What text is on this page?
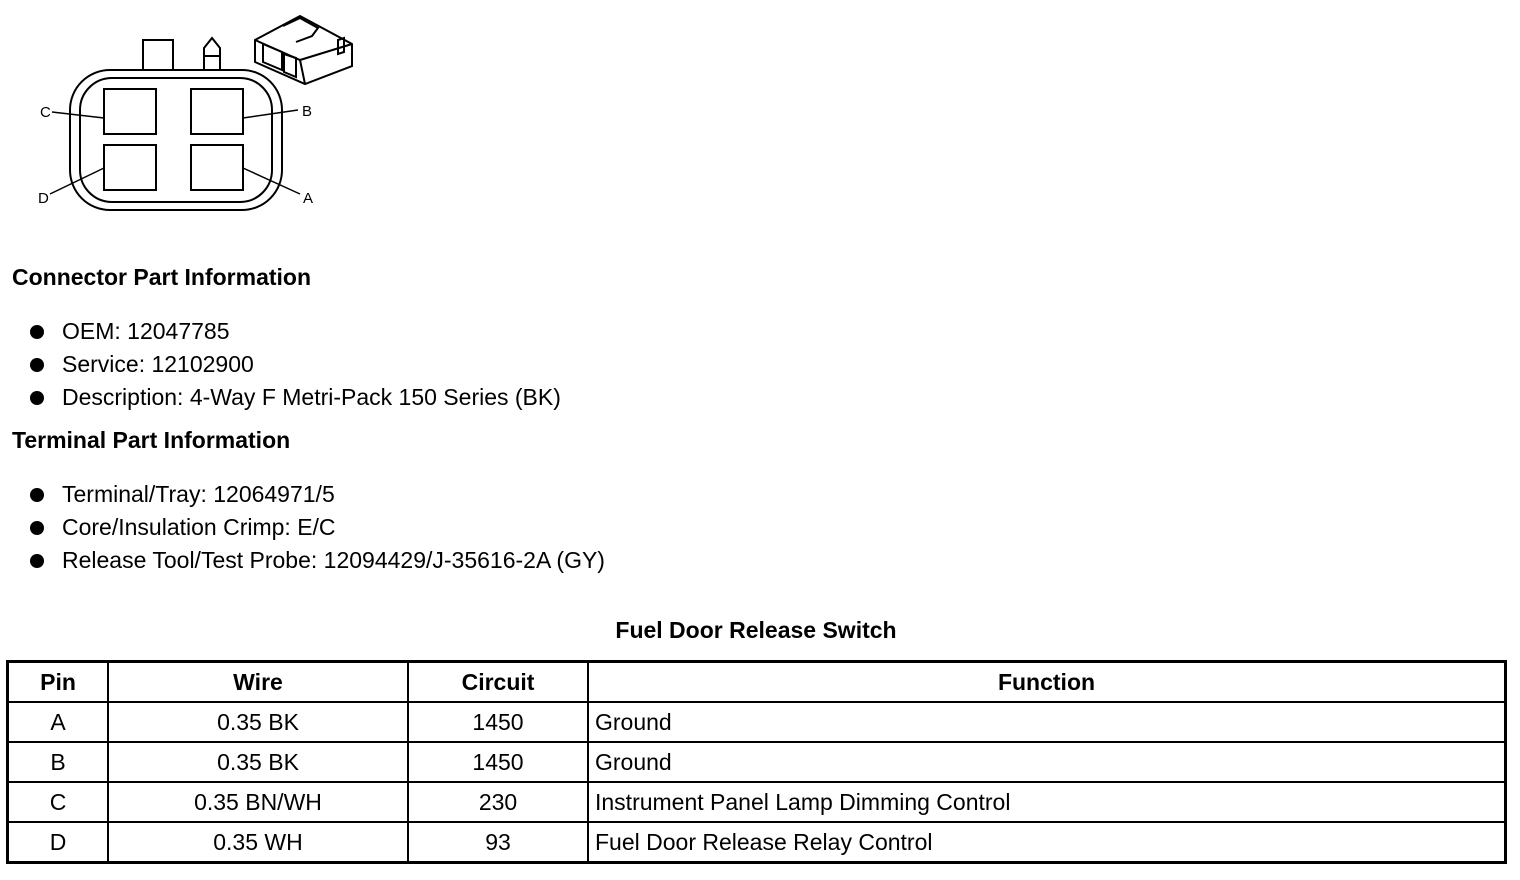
C	B
D	A
Connector Part Information
OEM: 12047785
Service: 12102900
Description: 4-Way F Metri-Pack 150 Series (BK)
Terminal Part Information
Terminal/Tray: 12064971/5
Core/Insulation Crimp: E/C
Release Tool/Test Probe: 12094429/J-35616-2A (GY)
Fuel Door Release Switch
Pin	Wire	Circuit	Function
A	0.35 BK	1450	Ground
B	0.35 BK	1450	Ground
C	0.35 BN/WH	230	Instrument Panel Lamp Dimming Control
D	0.35 WH	93	Fuel Door Release Relay Control
